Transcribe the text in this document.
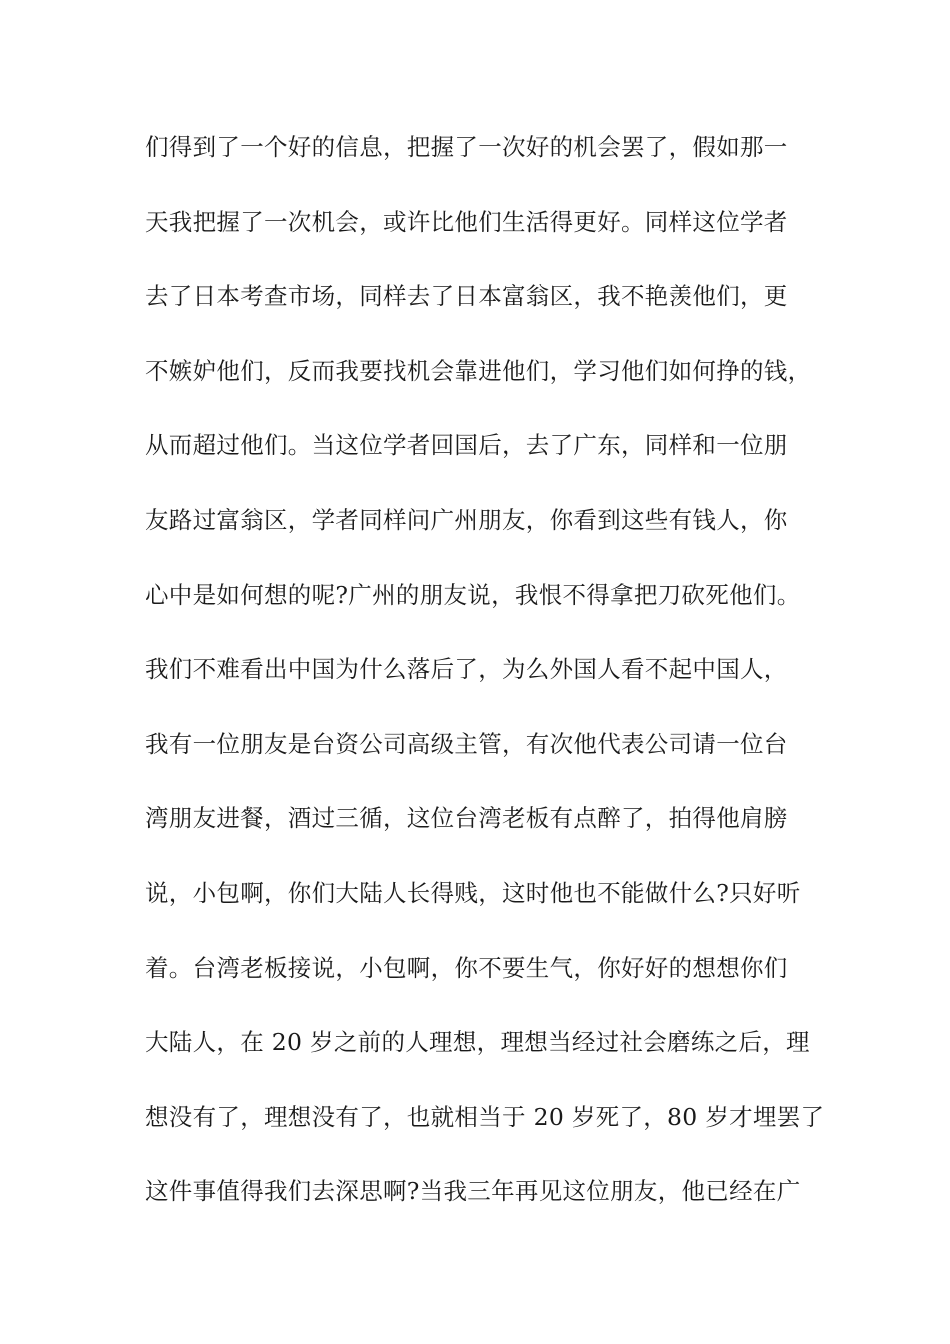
们得到了一个好的信息，把握了一次好的机会罢了，假如那一
天我把握了一次机会，或许比他们生活得更好。同样这位学者
去了日本考查市场，同样去了日本富翁区，我不艳羡他们，更
不嫉妒他们，反而我要找机会靠进他们，学习他们如何挣的钱，
从而超过他们。当这位学者回国后，去了广东，同样和一位朋
友路过富翁区，学者同样问广州朋友，你看到这些有钱人，你
心中是如何想的呢?广州的朋友说，我恨不得拿把刀砍死他们。
我们不难看出中国为什么落后了，为么外国人看不起中国人，
我有一位朋友是台资公司高级主管，有次他代表公司请一位台
湾朋友进餐，酒过三循，这位台湾老板有点醉了，拍得他肩膀
说，小包啊，你们大陆人长得贱，这时他也不能做什么?只好听
着。台湾老板接说，小包啊，你不要生气，你好好的想想你们
大陆人，在 20 岁之前的人理想，理想当经过社会磨练之后，理
想没有了，理想没有了，也就相当于 20 岁死了，80 岁才埋罢了
这件事值得我们去深思啊?当我三年再见这位朋友，他已经在广
